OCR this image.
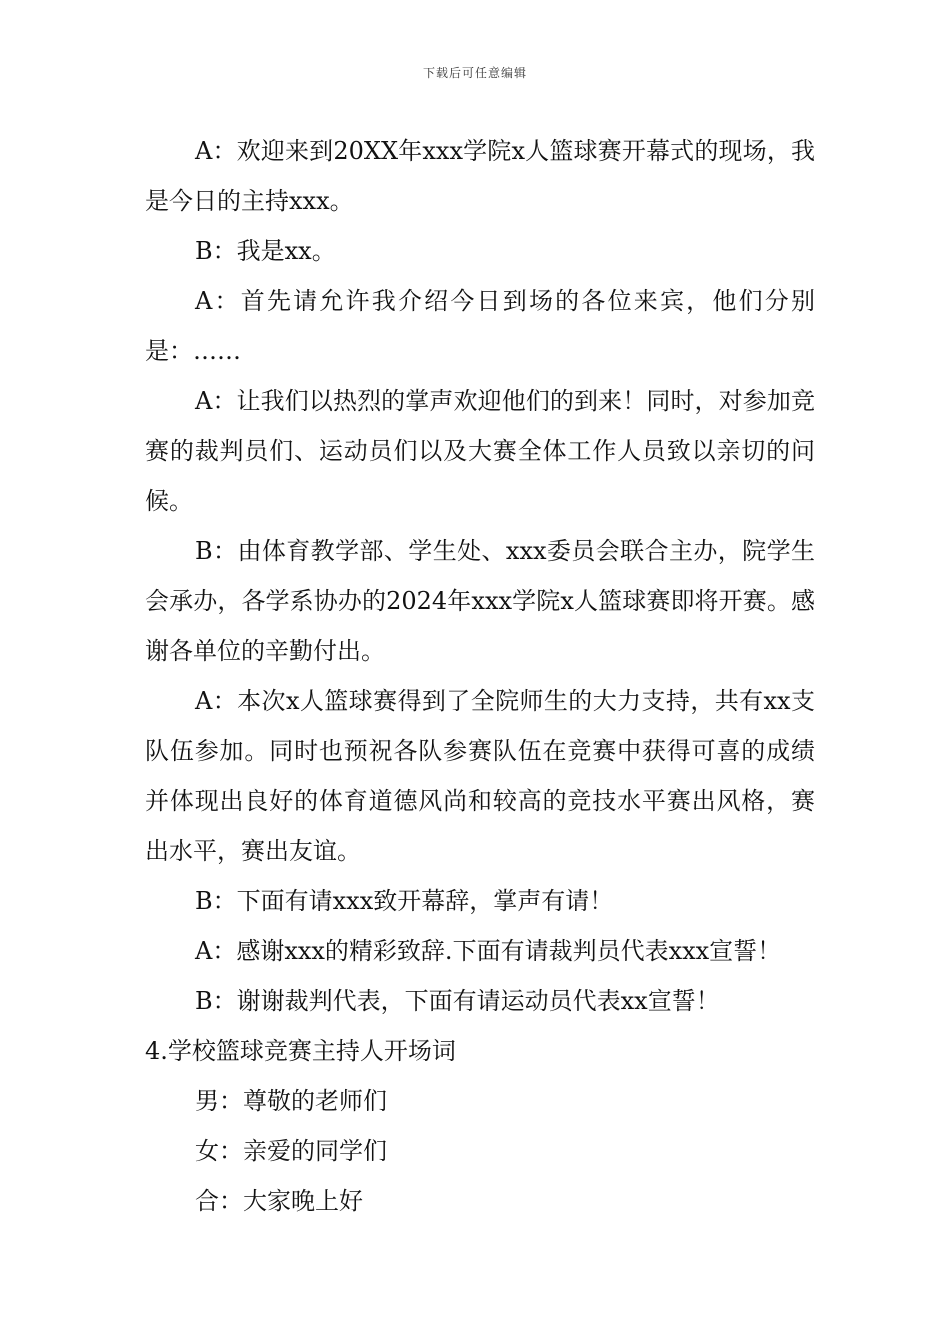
下载后可任意编辑

A：欢迎来到20XX年xxx学院x人篮球赛开幕式的现场，我是今日的主持xxx。

B：我是xx。

A：首先请允许我介绍今日到场的各位来宾，他们分别是：……

A：让我们以热烈的掌声欢迎他们的到来！同时，对参加竞赛的裁判员们、运动员们以及大赛全体工作人员致以亲切的问候。

B：由体育教学部、学生处、xxx委员会联合主办，院学生会承办，各学系协办的2024年xxx学院x人篮球赛即将开赛。感谢各单位的辛勤付出。

A：本次x人篮球赛得到了全院师生的大力支持，共有xx支队伍参加。同时也预祝各队参赛队伍在竞赛中获得可喜的成绩并体现出良好的体育道德风尚和较高的竞技水平赛出风格，赛出水平，赛出友谊。

B：下面有请xxx致开幕辞，掌声有请！

A：感谢xxx的精彩致辞.下面有请裁判员代表xxx宣誓！

B：谢谢裁判代表，下面有请运动员代表xx宣誓！

4.学校篮球竞赛主持人开场词

男：尊敬的老师们

女：亲爱的同学们

合：大家晚上好
